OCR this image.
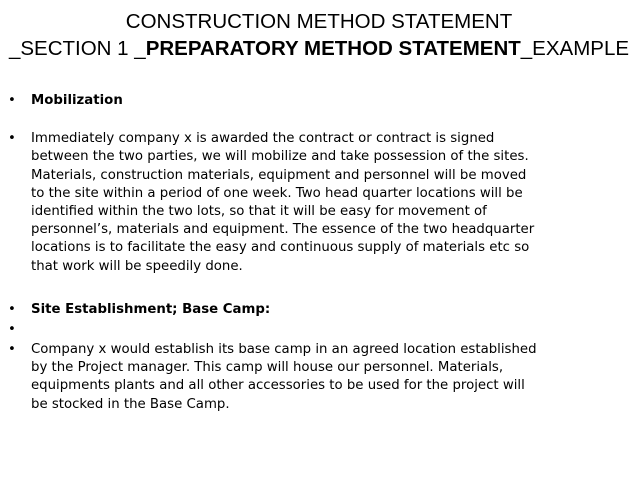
CONSTRUCTION METHOD STATEMENT
_SECTION 1 _PREPARATORY METHOD STATEMENT_EXAMPLE
•	Mobilization
•	Immediately company x is awarded the contract or contract is signed
between the two parties, we will mobilize and take possession of the sites.
Materials, construction materials, equipment and personnel will be moved
to the site within a period of one week. Two head quarter locations will be
identified within the two lots, so that it will be easy for movement of
personnel’s, materials and equipment. The essence of the two headquarter
locations is to facilitate the easy and continuous supply of materials etc so
that work will be speedily done.
•	Site Establishment; Base Camp:
•
•	Company x would establish its base camp in an agreed location established
by the Project manager. This camp will house our personnel. Materials,
equipments plants and all other accessories to be used for the project will
be stocked in the Base Camp.
